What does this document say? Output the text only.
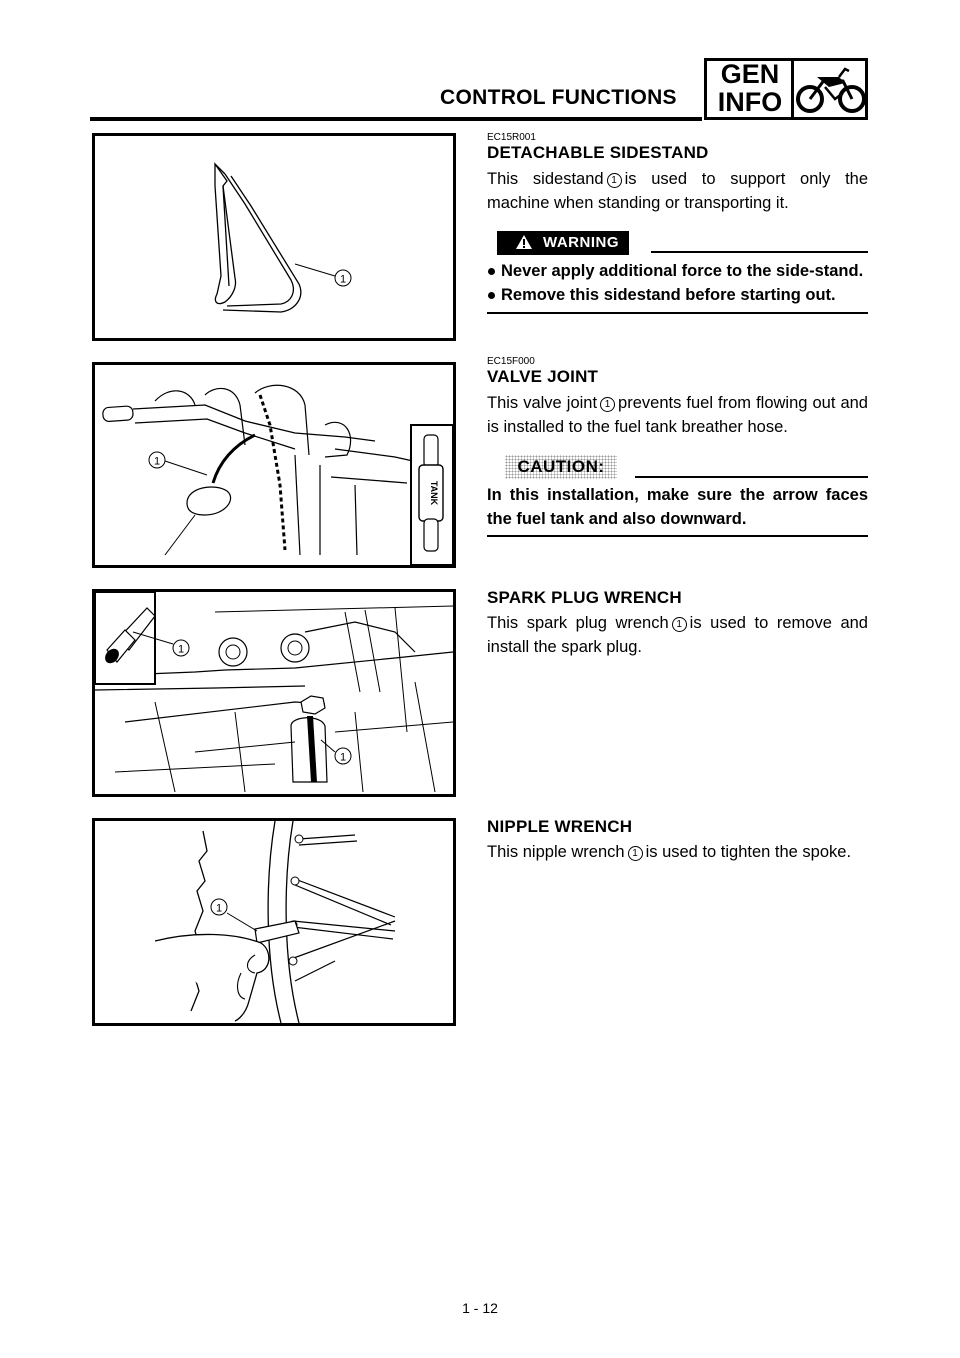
CONTROL FUNCTIONS
GEN
INFO
1
1
TANK
1
1
1
EC15R001
DETACHABLE SIDESTAND
This sidestand 1 is used to support only the machine when standing or transporting it.
WARNING
Never apply additional force to the side-stand.
Remove this sidestand before starting out.
EC15F000
VALVE JOINT
This valve joint 1 prevents fuel from flowing out and is installed to the fuel tank breather hose.
CAUTION:
In this installation, make sure the arrow faces the fuel tank and also downward.
SPARK PLUG WRENCH
This spark plug wrench 1 is used to remove and install the spark plug.
NIPPLE WRENCH
This nipple wrench 1 is used to tighten the spoke.
1 - 12
